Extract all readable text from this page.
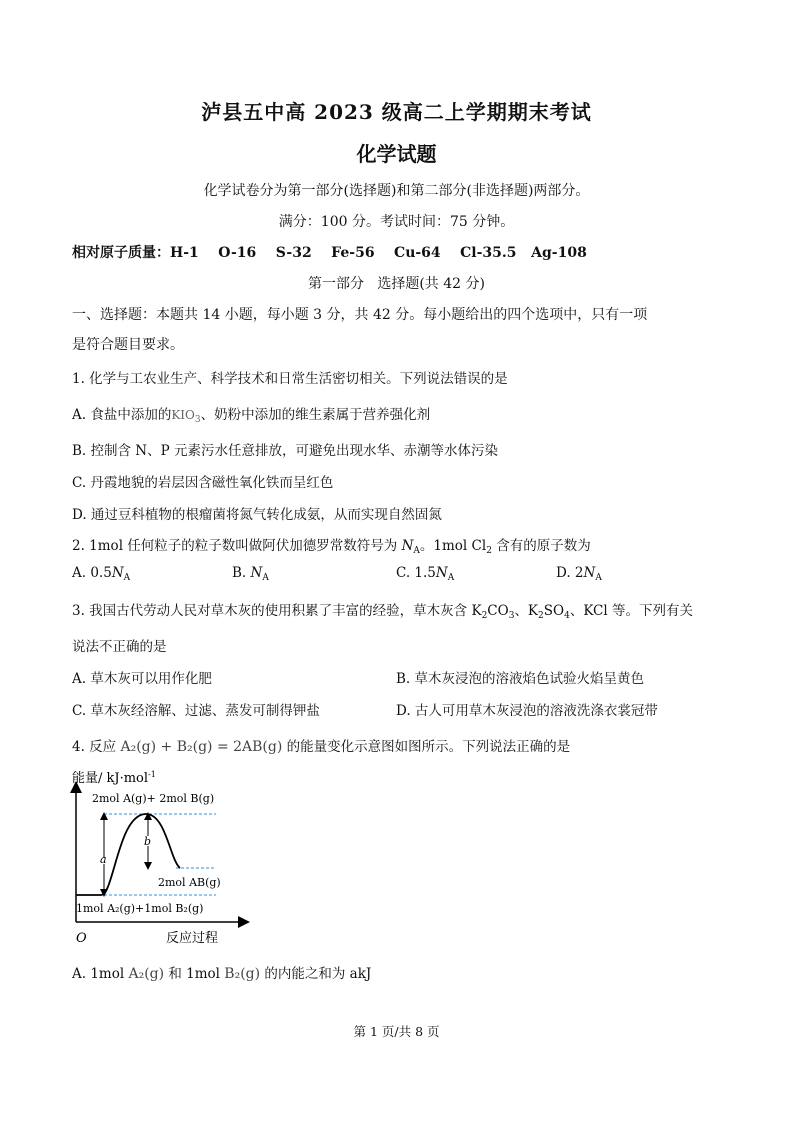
泸县五中高 2023 级高二上学期期末考试
化学试题
化学试卷分为第一部分(选择题)和第二部分(非选择题)两部分。
满分：100 分。考试时间：75 分钟。
相对原子质量：H-1    O-16    S-32    Fe-56    Cu-64    Cl-35.5   Ag-108
第一部分   选择题(共 42 分)
一、选择题：本题共 14 小题，每小题 3 分，共 42 分。每小题给出的四个选项中，只有一项
是符合题目要求。
1. 化学与工农业生产、科学技术和日常生活密切相关。下列说法错误的是
A. 食盐中添加的$KIO_3$、奶粉中添加的维生素属于营养强化剂
B. 控制含 N、P 元素污水任意排放，可避免出现水华、赤潮等水体污染
C. 丹霞地貌的岩层因含磁性氧化铁而呈红色
D. 通过豆科植物的根瘤菌将氮气转化成氨，从而实现自然固氮
2. 1mol 任何粒子的粒子数叫做阿伏加德罗常数符号为 $N_A$。1mol $Cl_2$ 含有的原子数为
A. $0.5N_A$	B. $N_A$	C. $1.5N_A$	D. $2N_A$
3. 我国古代劳动人民对草木灰的使用积累了丰富的经验，草木灰含 $K_2CO_3$、$K_2SO_4$、KCl 等。下列有关
说法不正确的是
A. 草木灰可以用作化肥	B. 草木灰浸泡的溶液焰色试验火焰呈黄色
C. 草木灰经溶解、过滤、蒸发可制得钾盐	D. 古人可用草木灰浸泡的溶液洗涤衣裳冠带
4. 反应 A₂(g) + B₂(g) = 2AB(g) 的能量变化示意图如图所示。下列说法正确的是
能量/ kJ·mol$^{-1}$
2mol A(g)+ 2mol B(g)
a
b
2mol AB(g)
1mol A₂(g)+1mol B₂(g)
O	反应过程
A. 1mol A₂(g) 和 1mol B₂(g) 的内能之和为 akJ
第 1 页/共 8 页
